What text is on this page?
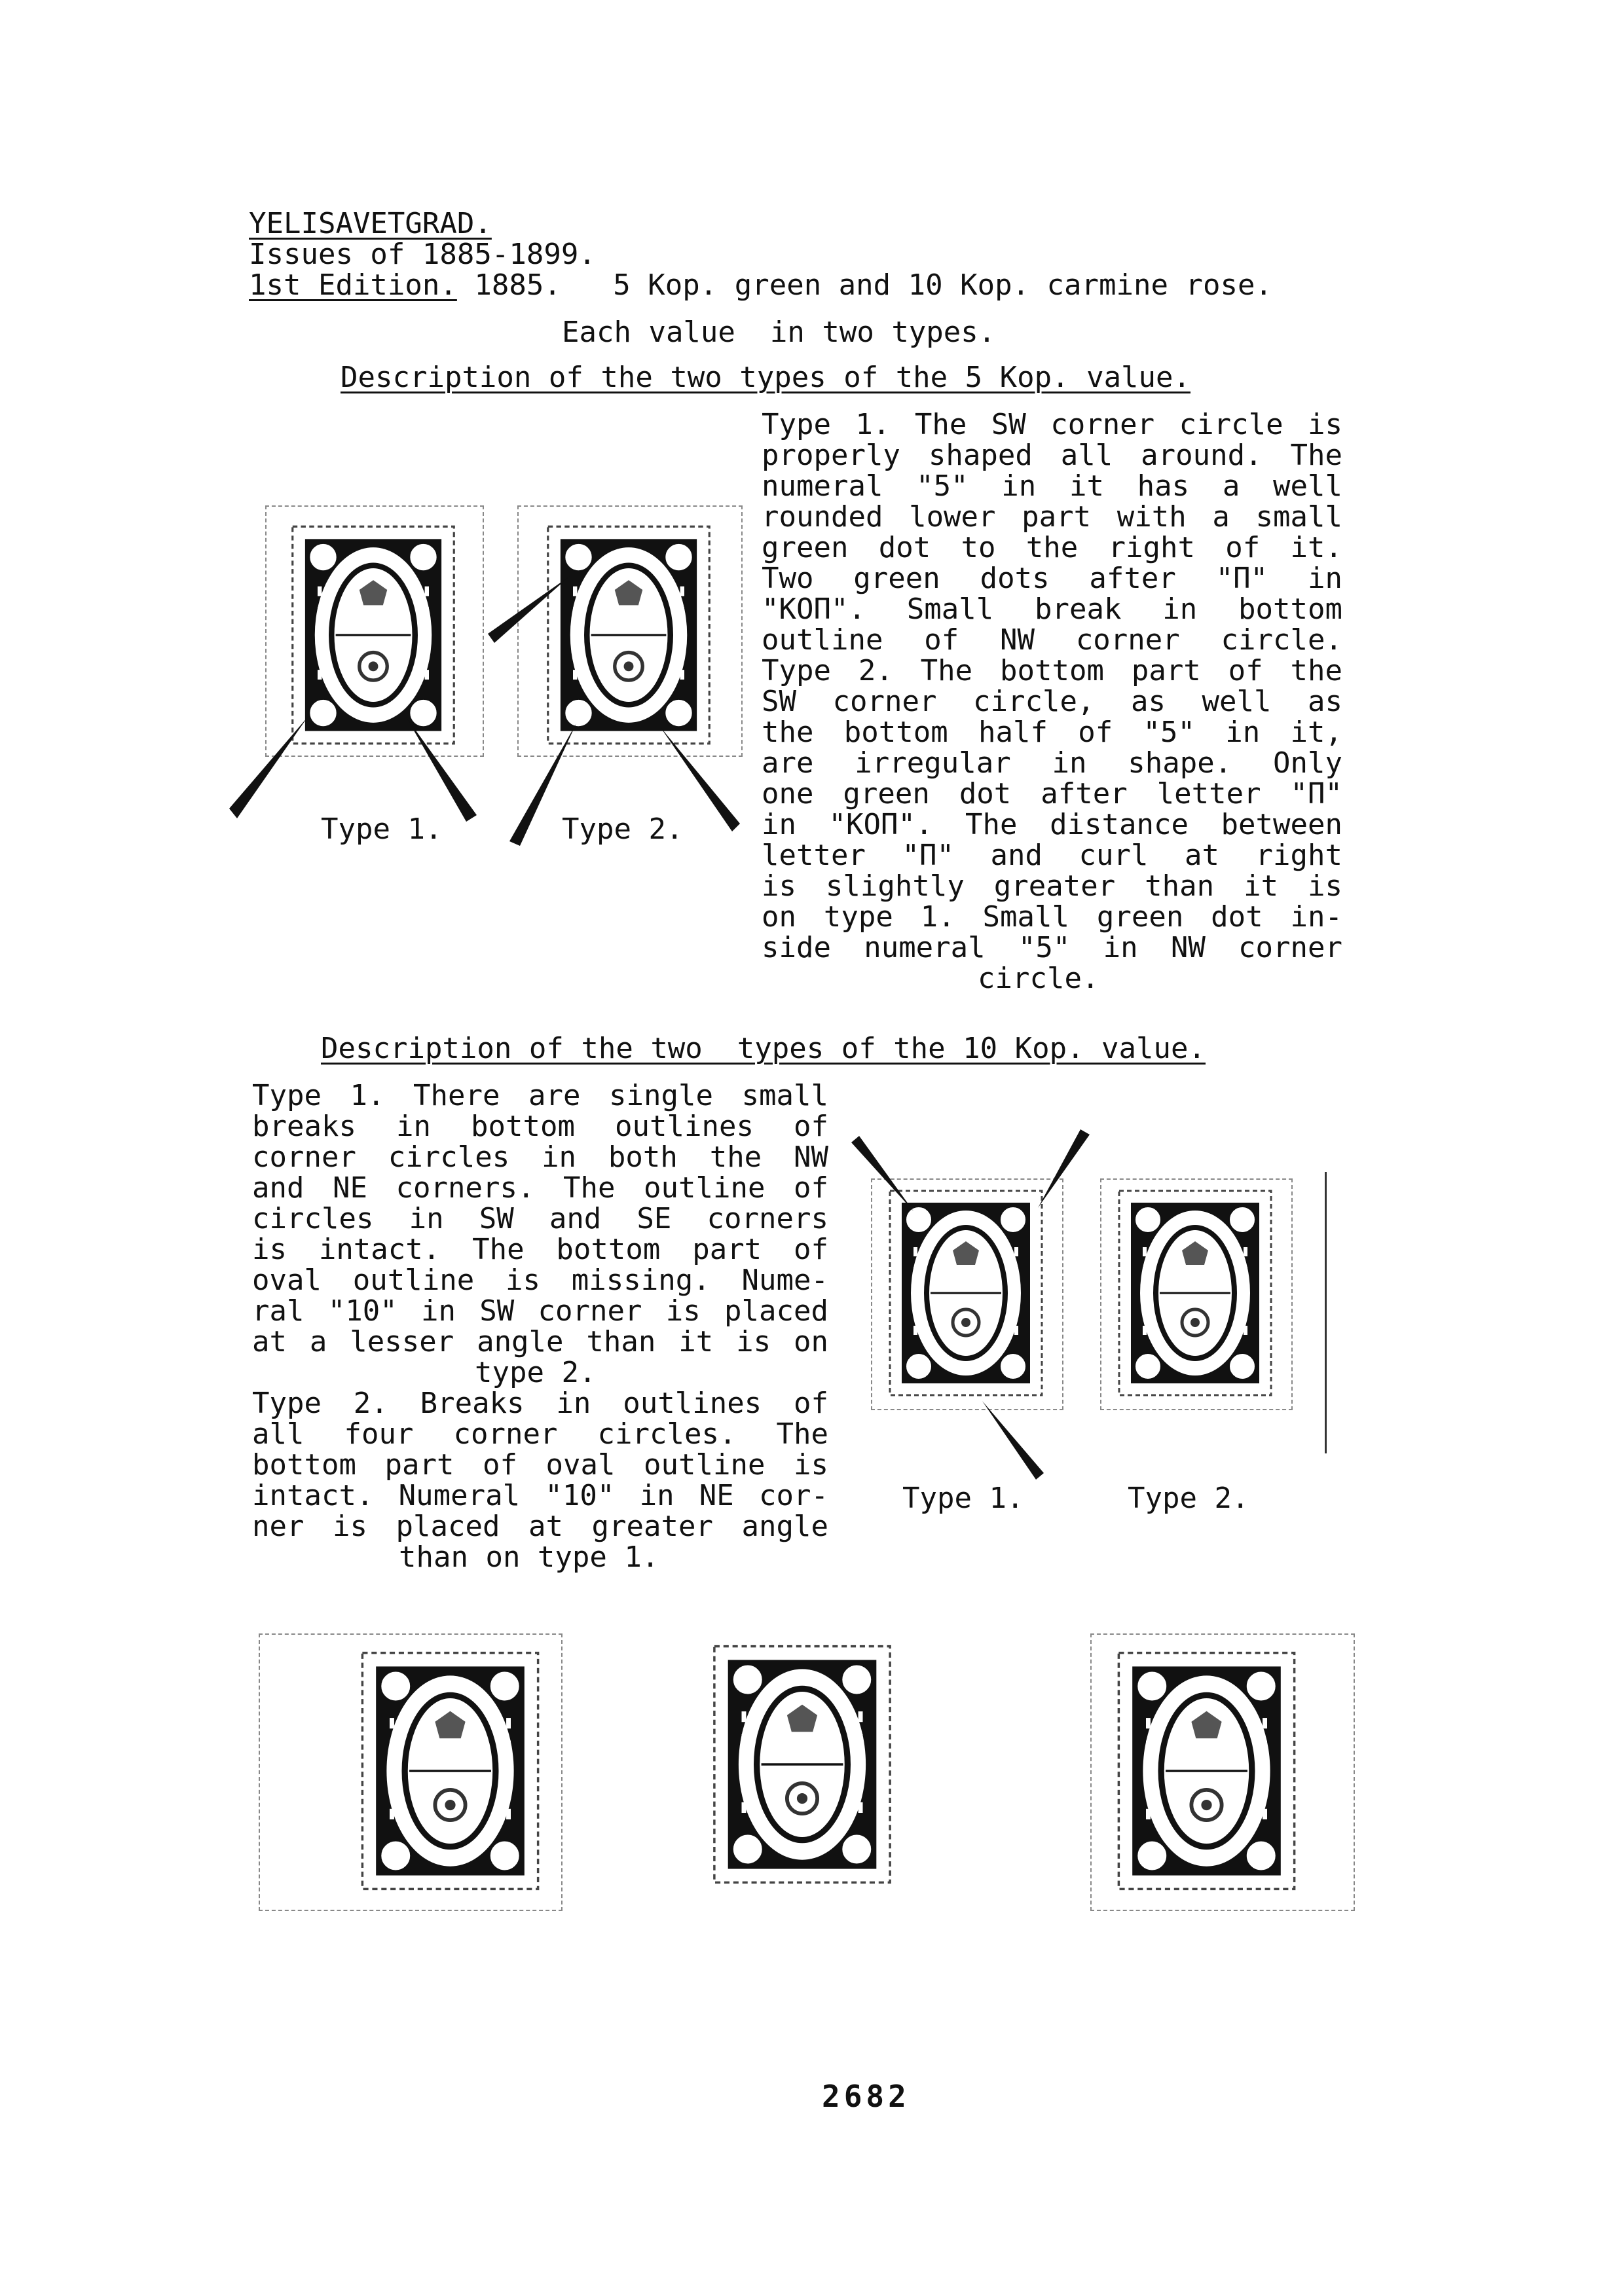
YELISAVETGRAD.
Issues of 1885-1899.
1st Edition. 1885.   5 Kop. green and 10 Kop. carmine rose.
Each value  in two types.
Description of the two types of the 5 Kop. value.
Type 1. The SW corner circle is
properly shaped all around. The
numeral "5" in it has a well
rounded lower part with a small
green dot to the right of it.
Two green dots after "П" in
"КОП". Small break in bottom
outline of NW corner circle.
Type 2. The bottom part of the
SW corner circle, as well as
the bottom half of "5" in it,
are irregular in shape. Only
one green dot after letter "П"
in "КОП". The distance between
letter "П" and curl at right
is slightly greater than it is
on type 1. Small green dot in-
side numeral "5" in NW corner
circle.
Type 1.	Type 2.
Description of the two  types of the 10 Kop. value.
Type 1. There are single small
breaks in bottom outlines of
corner circles in both the NW
and NE corners. The outline of
circles in SW and SE corners
is intact. The bottom part of
oval outline is missing. Nume-
ral "10" in SW corner is placed
at a lesser angle than it is on
type 2.
Type 2. Breaks in outlines of
all four corner circles. The
bottom part of oval outline is
intact. Numeral "10" in NE cor-
ner is placed at greater angle
than on type 1.
Type 1.	Type 2.
2682
